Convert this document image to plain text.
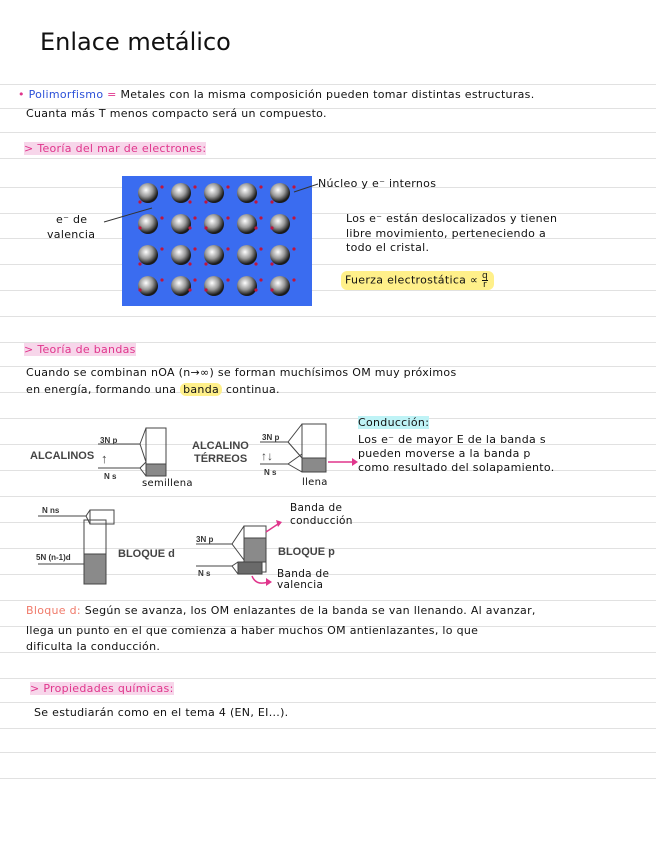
Enlace metálico
• Polimorfismo = Metales con la misma composición pueden tomar distintas estructuras.
Cuanta más T menos compacto será un compuesto.
> Teoría del mar de electrones:
e⁻ de
valencia
Núcleo y e⁻ internos
Los e⁻ están deslocalizados y tienen
libre movimiento, perteneciendo a
todo el cristal.
Fuerza electrostática ∝ $\frac{q}{r}$
> Teoría de bandas
Cuando se combinan nOA (n→∞) se forman muchísimos OM muy próximos
en energía, formando una banda continua.
ALCALINOS
3N p
N s
↑
semillena
ALCALINO
TÉRREOS
3N p
N s
↑↓
llena
Conducción:
Los e⁻ de mayor E de la banda s
pueden moverse a la banda p
como resultado del solapamiento.
N ns
5N (n-1)d	BLOQUE d
3N p
N s
BLOQUE p
Banda de
conducción
Banda de
valencia
Bloque d: Según se avanza, los OM enlazantes de la banda se van llenando. Al avanzar,
llega un punto en el que comienza a haber muchos OM antienlazantes, lo que
dificulta la conducción.
> Propiedades químicas:
Se estudiarán como en el tema 4 (EN, EI...).
